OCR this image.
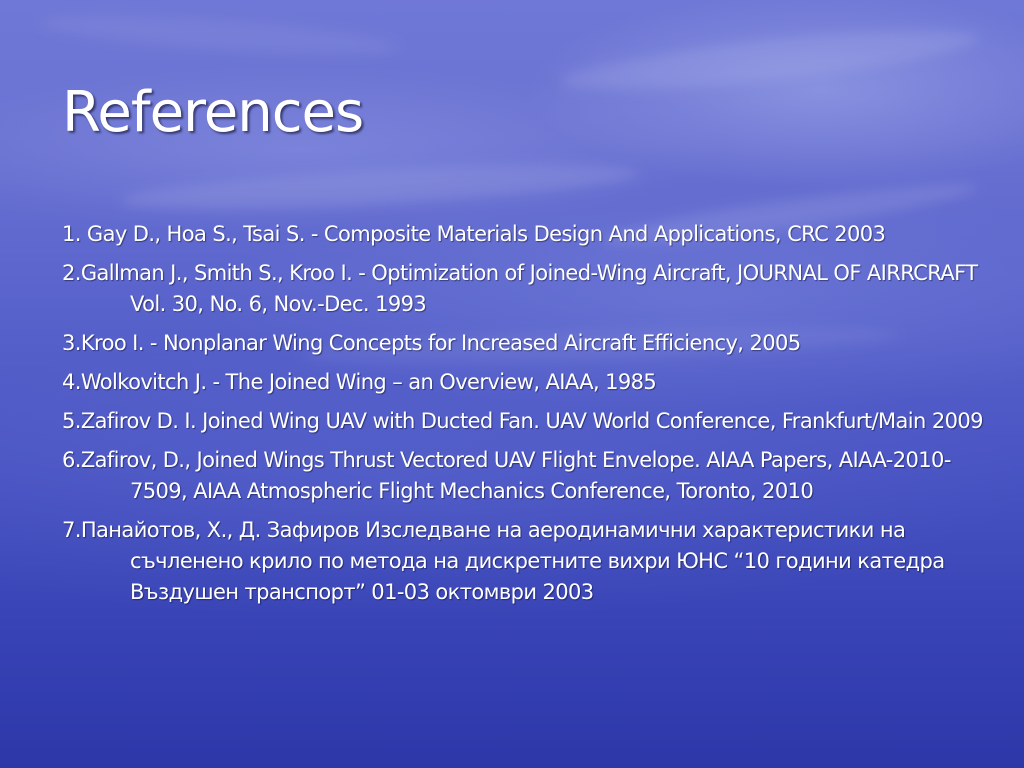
References
1. Gay D., Hoa S., Tsai S. - Composite Materials Design And Applications, CRC 2003
2.Gallman J., Smith S., Kroo I. - Optimization of Joined-Wing Aircraft, JOURNAL OF AIRRCRAFT Vol. 30, No. 6, Nov.-Dec. 1993
3.Kroo I. - Nonplanar Wing Concepts for Increased Aircraft Efficiency, 2005
4.Wolkovitch J. - The Joined Wing – an Overview, AIAA, 1985
5.Zafirov D. I. Joined Wing UAV with Ducted Fan. UAV World Conference, Frankfurt/Main 2009
6.Zafirov, D., Joined Wings Thrust Vectored UAV Flight Envelope. AIAA Papers, AIAA-2010-7509, AIAA Atmospheric Flight Mechanics Conference, Toronto, 2010
7.Панайотов, Х., Д. Зафиров Изследване на аеродинамични характеристики на съчленено крило по метода на дискретните вихри ЮНС “10 години катедра Въздушен транспорт” 01-03 октомври 2003
